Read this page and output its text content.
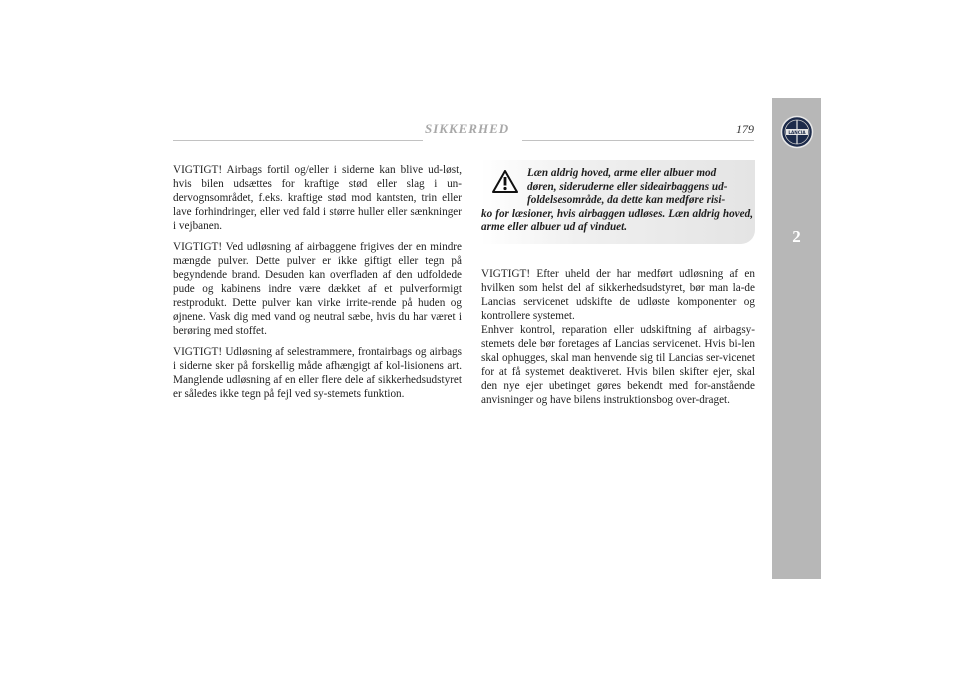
SIKKERHED	179

VIGTIGT! Airbags fortil og/eller i siderne kan blive ud-løst, hvis bilen udsættes for kraftige stød eller slag i un-dervognsområdet, f.eks. kraftige stød mod kantsten, trin eller lave forhindringer, eller ved fald i større huller eller sænkninger i vejbanen.

VIGTIGT! Ved udløsning af airbaggene frigives der en mindre mængde pulver. Dette pulver er ikke giftigt eller tegn på begyndende brand. Desuden kan overfladen af den udfoldede pude og kabinens indre være dækket af et pulverformigt restprodukt. Dette pulver kan virke irrite-rende på huden og øjnene. Vask dig med vand og neutral sæbe, hvis du har været i berøring med stoffet.

VIGTIGT! Udløsning af selestrammere, frontairbags og airbags i siderne sker på forskellig måde afhængigt af kol-lisionens art. Manglende udløsning af en eller flere dele af sikkerhedsudstyret er således ikke tegn på fejl ved sy-stemets funktion.

Læn aldrig hoved, arme eller albuer mod
døren, sideruderne eller sideairbaggens ud-
foldelsesområde, da dette kan medføre risi-
ko for læsioner, hvis airbaggen udløses. Læn aldrig hoved, arme eller albuer ud af vinduet.

VIGTIGT! Efter uheld der har medført udløsning af en hvilken som helst del af sikkerhedsudstyret, bør man la-de Lancias servicenet udskifte de udløste komponenter og kontrollere systemet.

Enhver kontrol, reparation eller udskiftning af airbagsy-stemets dele bør foretages af Lancias servicenet. Hvis bi-len skal ophugges, skal man henvende sig til Lancias ser-vicenet for at få systemet deaktiveret. Hvis bilen skifter ejer, skal den nye ejer ubetinget gøres bekendt med for-anstående anvisninger og have bilens instruktionsbog over-draget.

LANCIA
2
